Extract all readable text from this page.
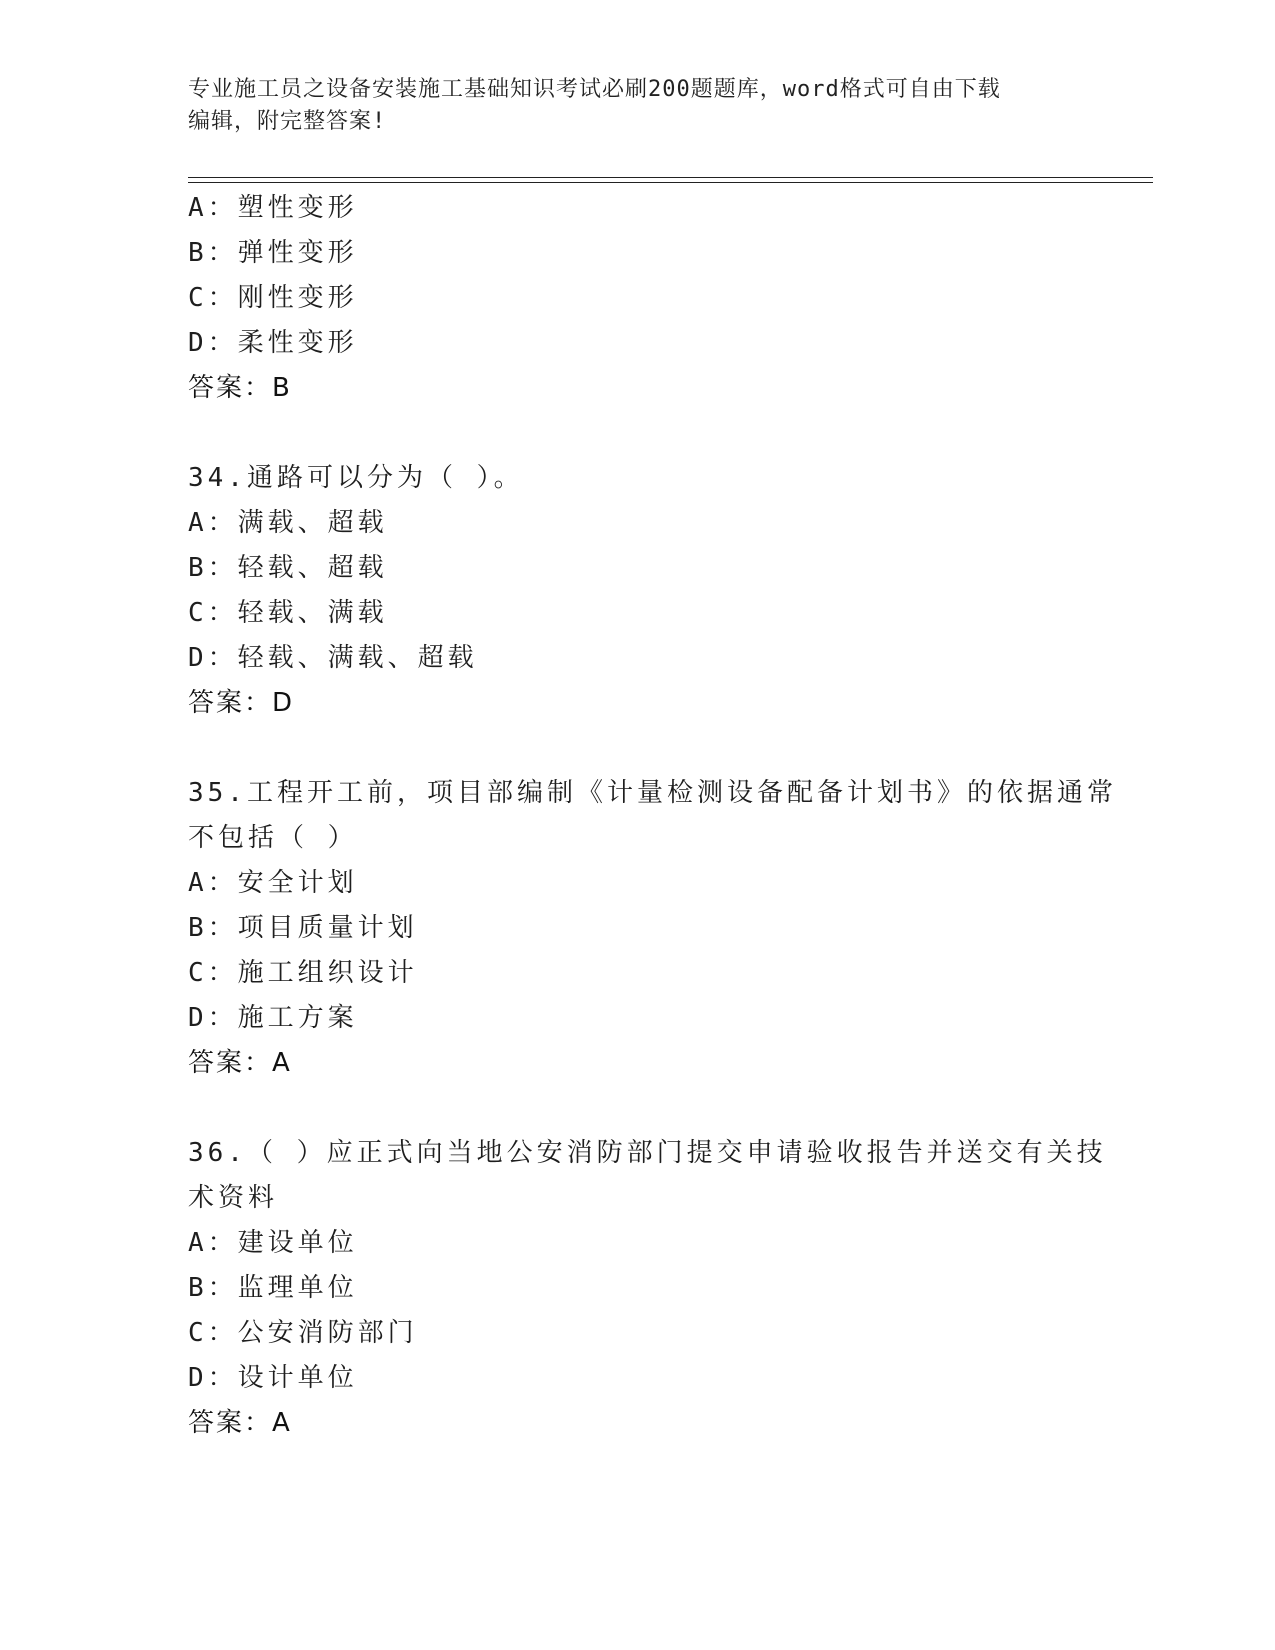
专业施工员之设备安装施工基础知识考试必刷200题题库，word格式可自由下载
编辑，附完整答案!
A：塑性变形
B：弹性变形
C：刚性变形
D：柔性变形
答案：B
34.通路可以分为（ ）。
A：满载、超载
B：轻载、超载
C：轻载、满载
D：轻载、满载、超载
答案：D
35.工程开工前，项目部编制《计量检测设备配备计划书》的依据通常
不包括（ ）
A：安全计划
B：项目质量计划
C：施工组织设计
D：施工方案
答案：A
36.（ ）应正式向当地公安消防部门提交申请验收报告并送交有关技
术资料
A：建设单位
B：监理单位
C：公安消防部门
D：设计单位
答案：A
